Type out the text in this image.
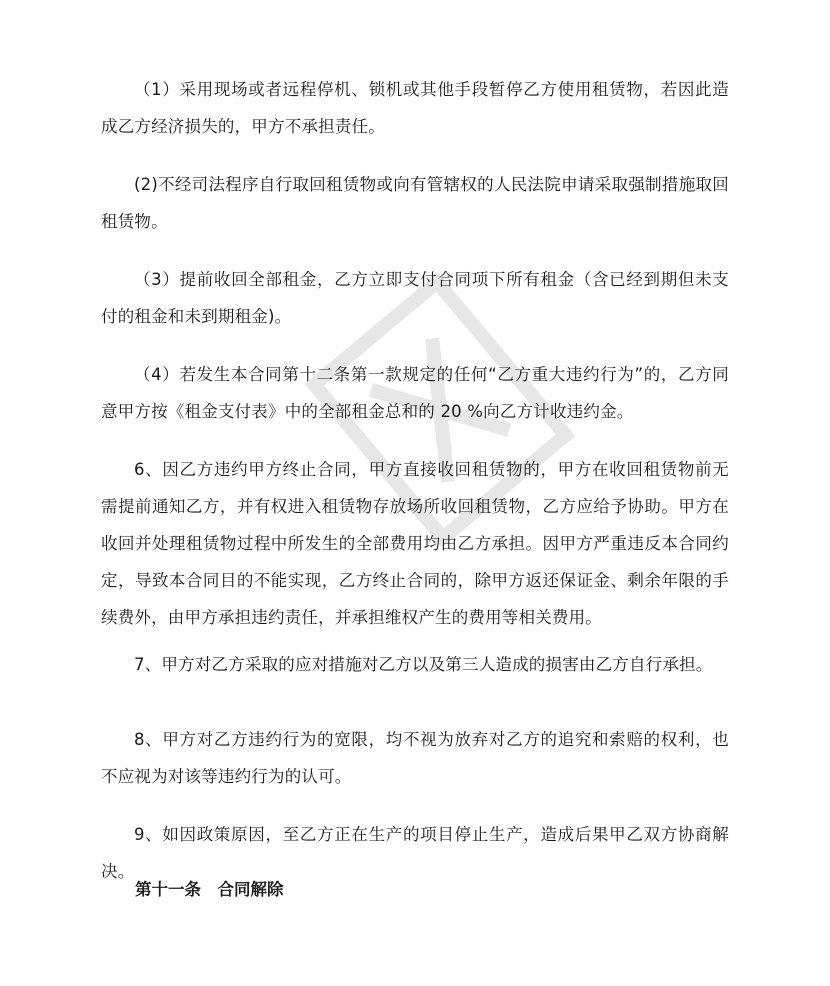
（1）采用现场或者远程停机、锁机或其他手段暂停乙方使用租赁物，若因此造成乙方经济损失的，甲方不承担责任。

(2)不经司法程序自行取回租赁物或向有管辖权的人民法院申请采取强制措施取回租赁物。

（3）提前收回全部租金，乙方立即支付合同项下所有租金（含已经到期但未支付的租金和未到期租金)。

（4）若发生本合同第十二条第一款规定的任何“乙方重大违约行为”的，乙方同意甲方按《租金支付表》中的全部租金总和的 20 %向乙方计收违约金。

6、因乙方违约甲方终止合同，甲方直接收回租赁物的，甲方在收回租赁物前无需提前通知乙方，并有权进入租赁物存放场所收回租赁物，乙方应给予协助。甲方在收回并处理租赁物过程中所发生的全部费用均由乙方承担。因甲方严重违反本合同约定，导致本合同目的不能实现，乙方终止合同的，除甲方返还保证金、剩余年限的手续费外，由甲方承担违约责任，并承担维权产生的费用等相关费用。

7、甲方对乙方采取的应对措施对乙方以及第三人造成的损害由乙方自行承担。

8、甲方对乙方违约行为的宽限，均不视为放弃对乙方的追究和索赔的权利，也不应视为对该等违约行为的认可。

9、如因政策原因，至乙方正在生产的项目停止生产，造成后果甲乙双方协商解决。

第十一条　合同解除
